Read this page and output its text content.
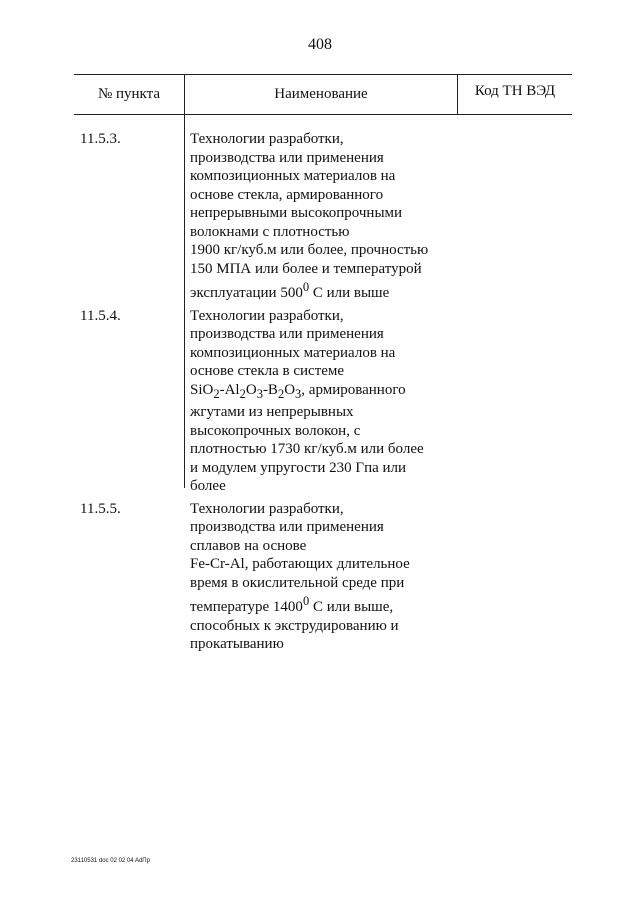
408
№ пункта	Наименование	Код ТН ВЭД
11.5.3.	Технологии разработки,
производства или применения
композиционных материалов на
основе стекла, армированного
непрерывными высокопрочными
волокнами с плотностью
1900 кг/куб.м или более, прочностью
150 МПА или более и температурой
эксплуатации $500^0$ С или выше
11.5.4.	Технологии разработки,
производства или применения
композиционных материалов на
основе стекла в системе
$SiO_2-Al_2O_3-B_2O_3$, армированного
жгутами из непрерывных
высокопрочных волокон, с
плотностью 1730 кг/куб.м или более
и модулем упругости 230 Гпа или
более
11.5.5.	Технологии разработки,
производства или применения
сплавов на основе
Fe-Cr-Al, работающих длительное
время в окислительной среде при
температуре 1400$^0$ С или выше,
способных к экструдированию и
прокатыванию
23110531 doc 02 02 04 AdПр
